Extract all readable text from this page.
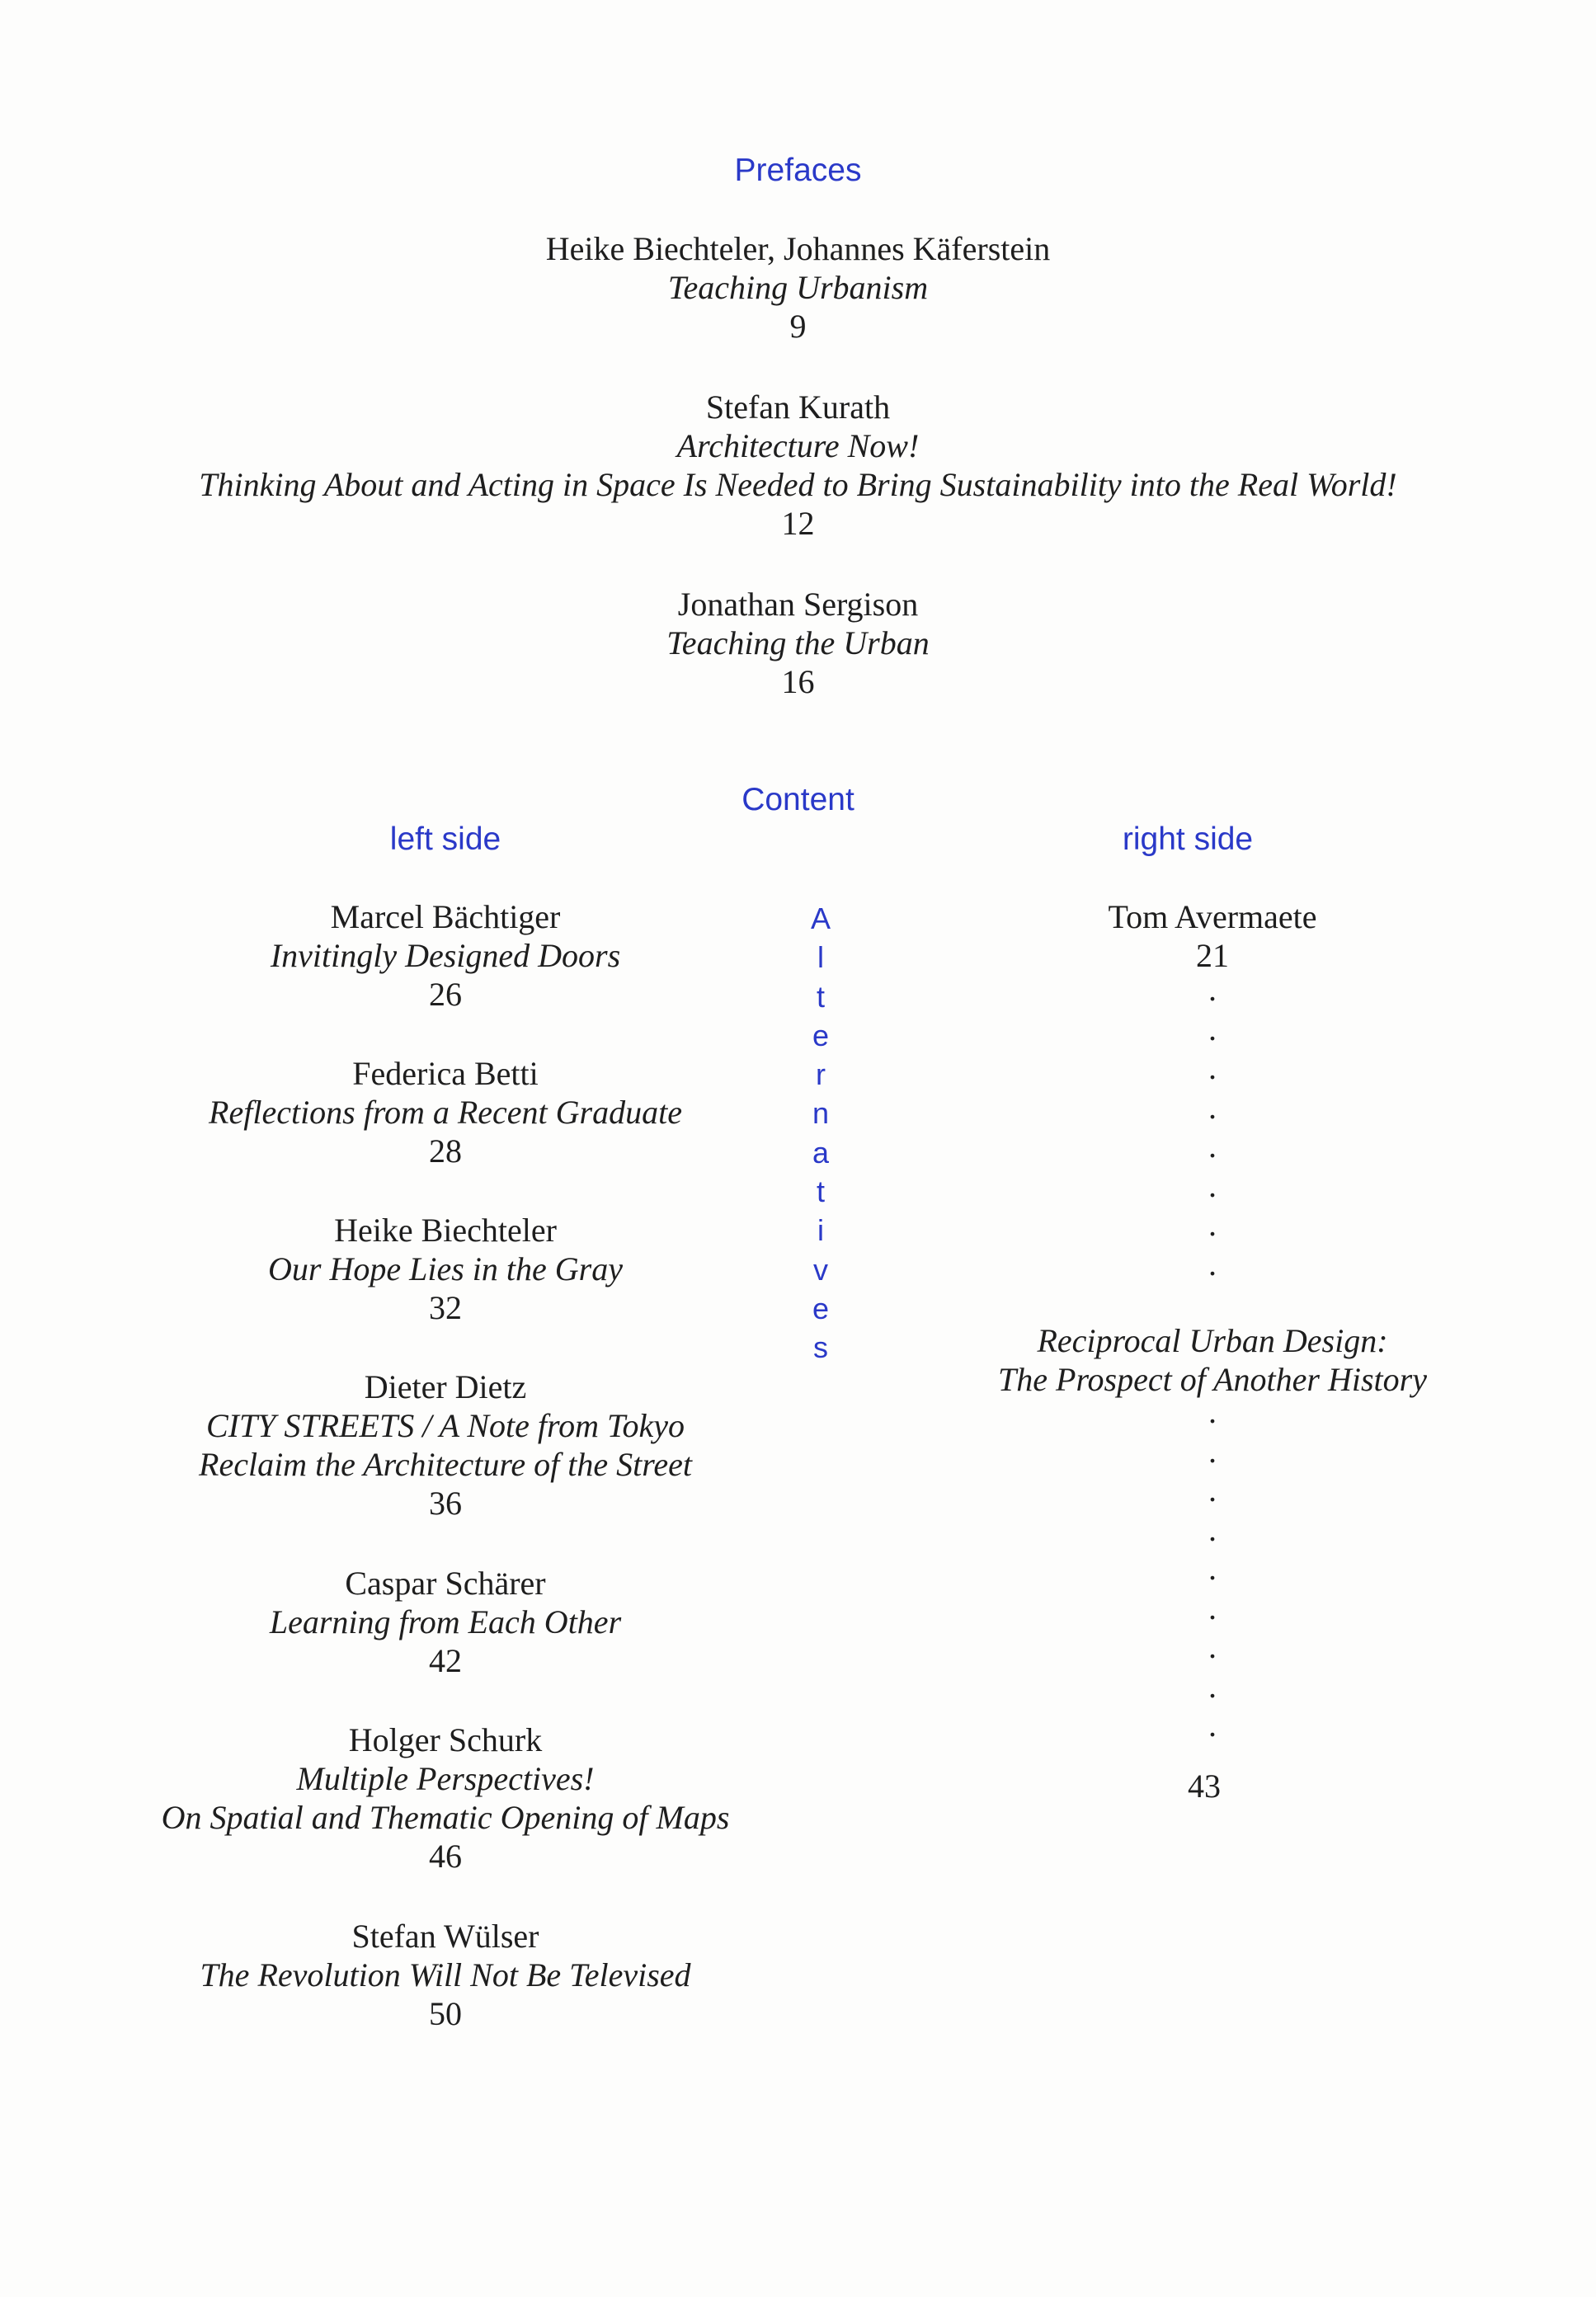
Prefaces
Heike Biechteler, Johannes Käferstein
Teaching Urbanism
9
Stefan Kurath
Architecture Now!
Thinking About and Acting in Space Is Needed to Bring Sustainability into the Real World!
12
Jonathan Sergison
Teaching the Urban
16
Content
left side	right side
Marcel Bächtiger
Invitingly Designed Doors
26
Federica Betti
Reflections from a Recent Graduate
28
Heike Biechteler
Our Hope Lies in the Gray
32
Dieter Dietz
CITY STREETS / A Note from Tokyo
Reclaim the Architecture of the Street
36
Caspar Schärer
Learning from Each Other
42
Holger Schurk
Multiple Perspectives!
On Spatial and Thematic Opening of Maps
46
Stefan Wülser
The Revolution Will Not Be Televised
50
A
l
t
e
r
n
a
t
i
v
e
s
Tom Avermaete
21
.
.
.
.
.
.
.
.
Reciprocal Urban Design:
The Prospect of Another History
.
.
.
.
.
.
.
.
.
43
